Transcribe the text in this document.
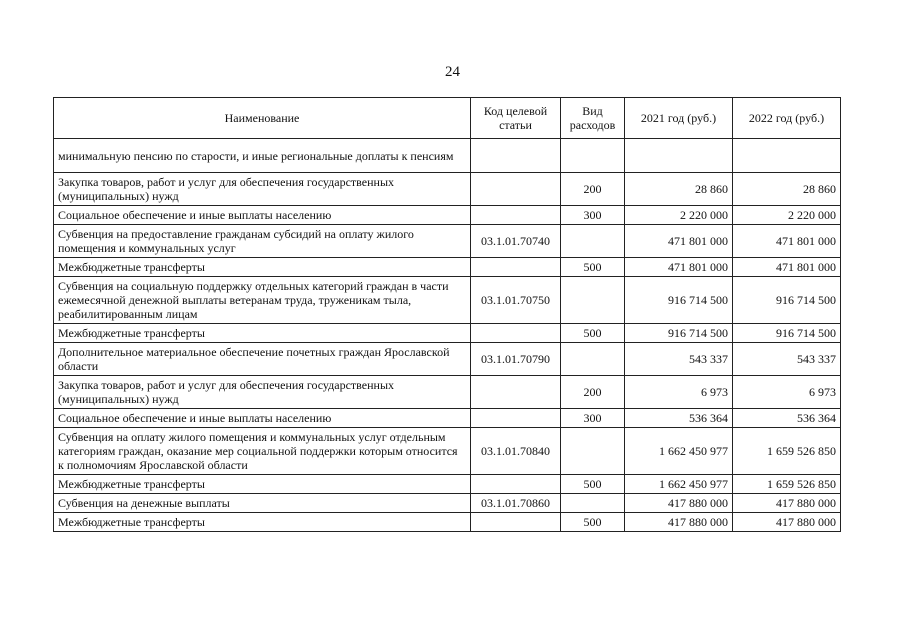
24
Наименование	Код целевой статьи	Вид расходов	2021 год (руб.)	2022 год (руб.)
минимальную пенсию по старости, и иные региональные доплаты к пенсиям				
Закупка товаров, работ и услуг для обеспечения государственных (муниципальных) нужд		200	28 860	28 860
Социальное обеспечение и иные выплаты населению		300	2 220 000	2 220 000
Субвенция на предоставление гражданам субсидий на оплату жилого помещения и коммунальных услуг	03.1.01.70740		471 801 000	471 801 000
Межбюджетные трансферты		500	471 801 000	471 801 000
Субвенция на социальную поддержку отдельных категорий граждан в части ежемесячной денежной выплаты ветеранам труда, труженикам тыла, реабилитированным лицам	03.1.01.70750		916 714 500	916 714 500
Межбюджетные трансферты		500	916 714 500	916 714 500
Дополнительное материальное обеспечение почетных граждан Ярославской области	03.1.01.70790		543 337	543 337
Закупка товаров, работ и услуг для обеспечения государственных (муниципальных) нужд		200	6 973	6 973
Социальное обеспечение и иные выплаты населению		300	536 364	536 364
Субвенция на оплату жилого помещения и коммунальных услуг отдельным категориям граждан, оказание мер социальной поддержки которым относится к полномочиям Ярославской области	03.1.01.70840		1 662 450 977	1 659 526 850
Межбюджетные трансферты		500	1 662 450 977	1 659 526 850
Субвенция на денежные выплаты	03.1.01.70860		417 880 000	417 880 000
Межбюджетные трансферты		500	417 880 000	417 880 000
